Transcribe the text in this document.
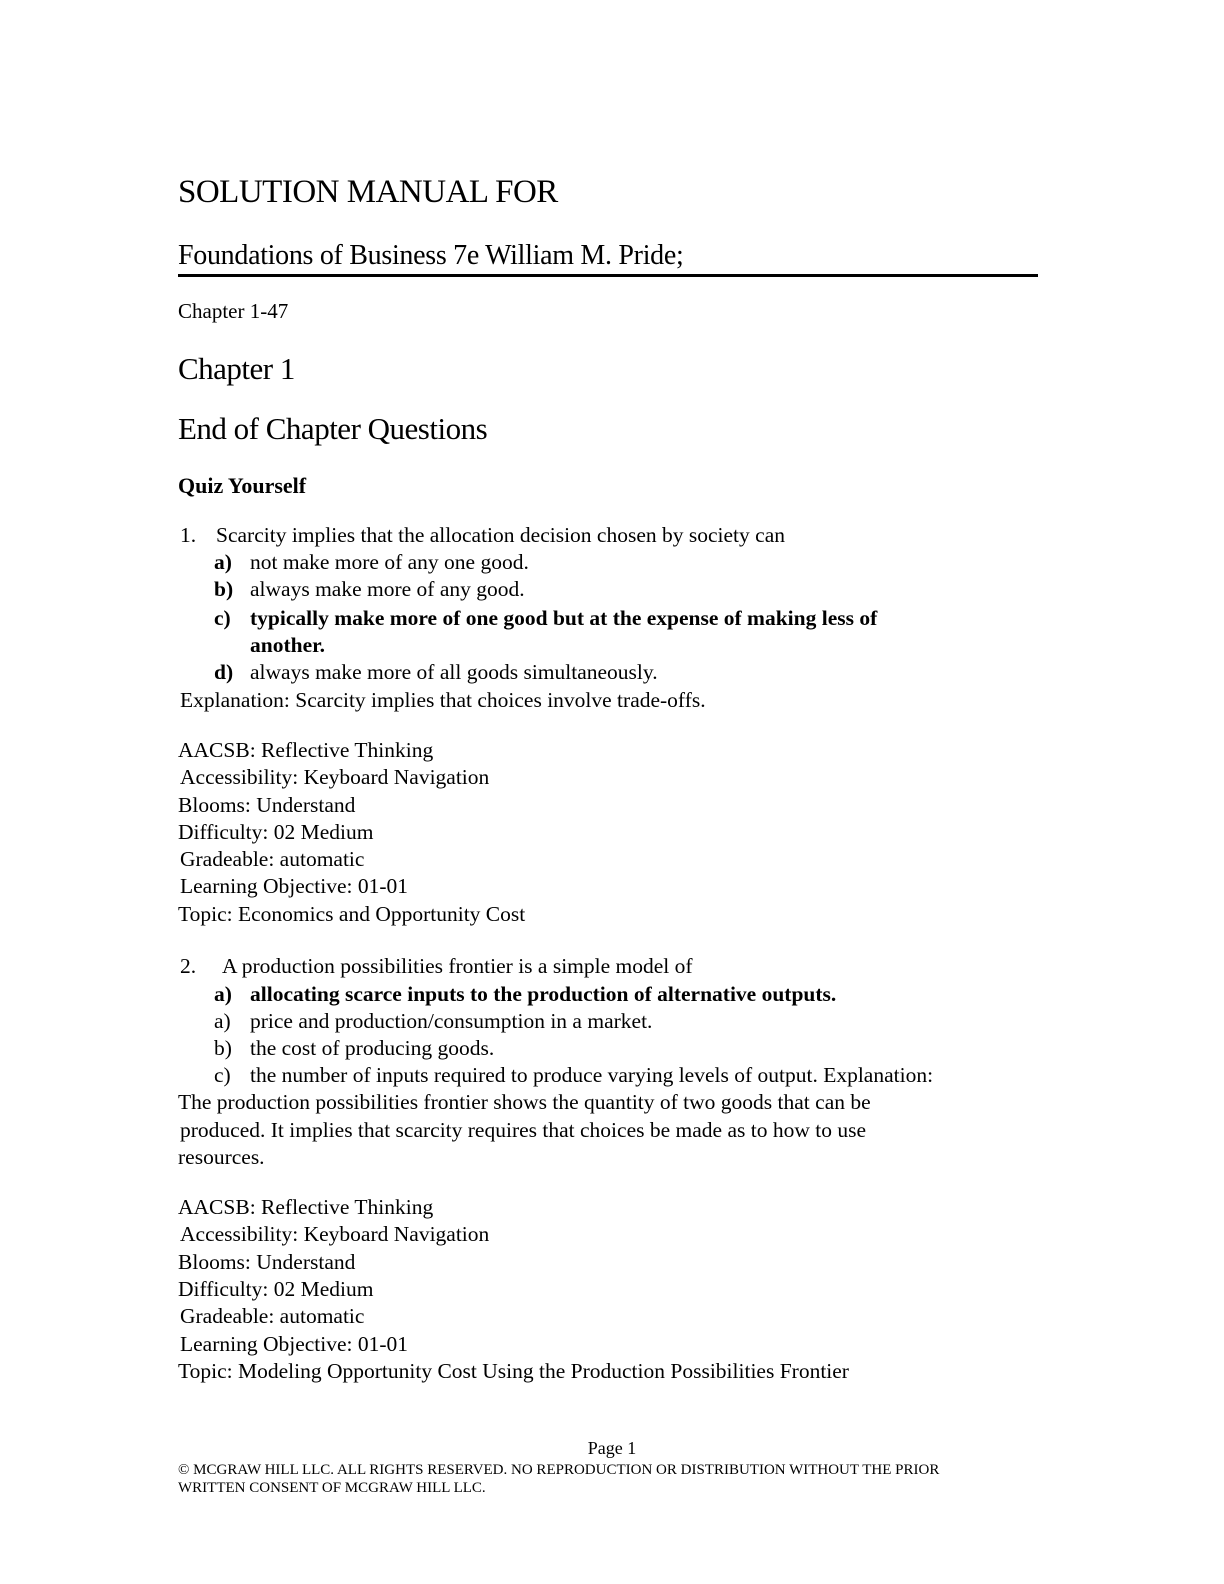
SOLUTION MANUAL FOR
Foundations of Business 7e William M. Pride;
Chapter 1-47
Chapter 1
End of Chapter Questions
Quiz Yourself
1. Scarcity implies that the allocation decision chosen by society can
a) not make more of any one good.
b) always make more of any good.
c) typically make more of one good but at the expense of making less of
another.
d) always make more of all goods simultaneously.
Explanation: Scarcity implies that choices involve trade-offs.
AACSB: Reflective Thinking
Accessibility: Keyboard Navigation
Blooms: Understand
Difficulty: 02 Medium
Gradeable: automatic
Learning Objective: 01-01
Topic: Economics and Opportunity Cost
2. A production possibilities frontier is a simple model of
a) allocating scarce inputs to the production of alternative outputs.
a) price and production/consumption in a market.
b) the cost of producing goods.
c) the number of inputs required to produce varying levels of output. Explanation:
The production possibilities frontier shows the quantity of two goods that can be
produced. It implies that scarcity requires that choices be made as to how to use
resources.
AACSB: Reflective Thinking
Accessibility: Keyboard Navigation
Blooms: Understand
Difficulty: 02 Medium
Gradeable: automatic
Learning Objective: 01-01
Topic: Modeling Opportunity Cost Using the Production Possibilities Frontier
Page 1
© MCGRAW HILL LLC. ALL RIGHTS RESERVED. NO REPRODUCTION OR DISTRIBUTION WITHOUT THE PRIOR
WRITTEN CONSENT OF MCGRAW HILL LLC.
